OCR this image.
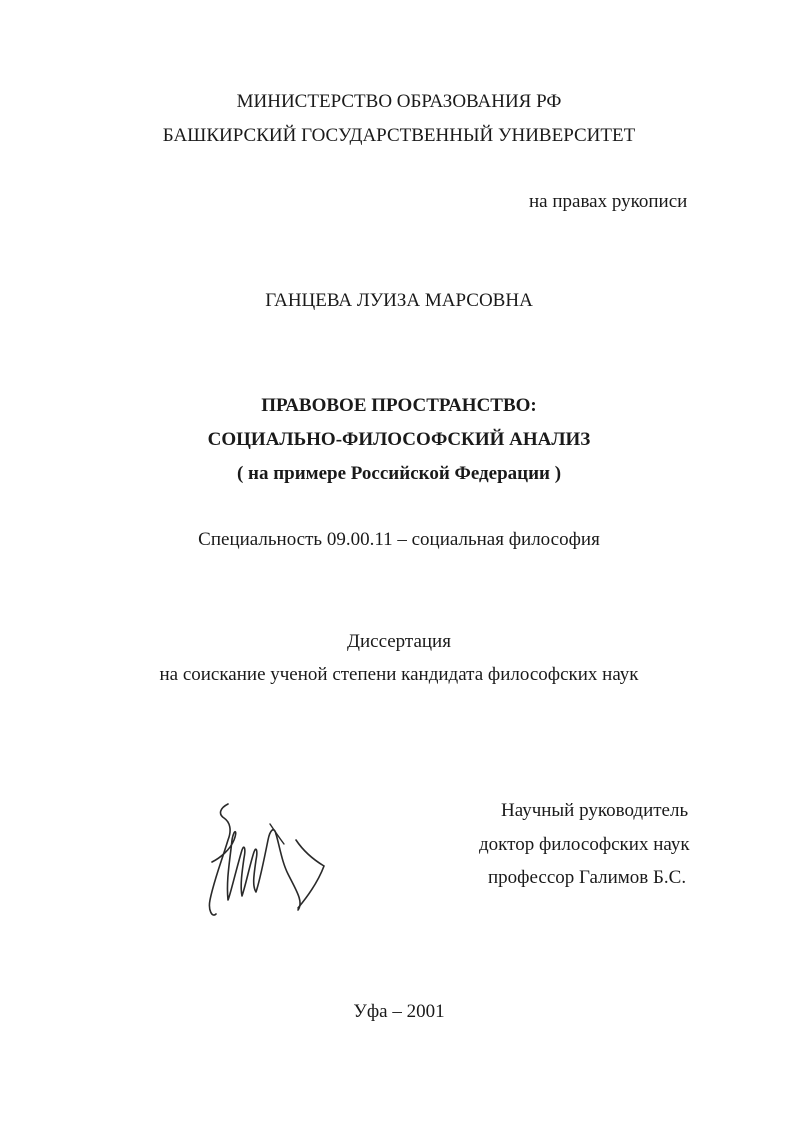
МИНИСТЕРСТВО ОБРАЗОВАНИЯ РФ
БАШКИРСКИЙ ГОСУДАРСТВЕННЫЙ УНИВЕРСИТЕТ
на правах рукописи
ГАНЦЕВА ЛУИЗА МАРСОВНА
ПРАВОВОЕ ПРОСТРАНСТВО:
СОЦИАЛЬНО-ФИЛОСОФСКИЙ АНАЛИЗ
( на примере Российской Федерации )
Специальность 09.00.11 – социальная философия
Диссертация
на соискание ученой степени кандидата философских наук
Научный руководитель
доктор философских наук
профессор Галимов Б.С.
Уфа – 2001
